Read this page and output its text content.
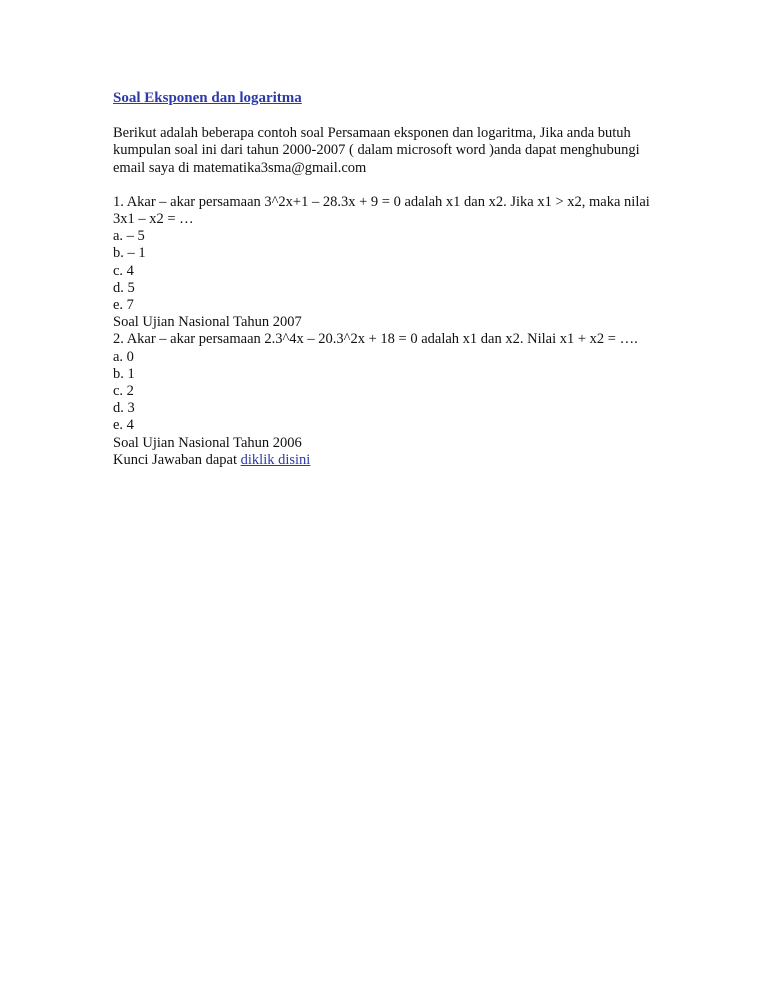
Soal Eksponen dan logaritma

Berikut adalah beberapa contoh soal Persamaan eksponen dan logaritma, Jika anda butuh kumpulan soal ini dari tahun 2000-2007 ( dalam microsoft word )anda dapat menghubungi email saya di matematika3sma@gmail.com

1. Akar – akar persamaan 3^2x+1 – 28.3x + 9 = 0 adalah x1 dan x2. Jika x1 > x2, maka nilai 3x1 – x2 = …
a. – 5
b. – 1
c. 4
d. 5
e. 7
Soal Ujian Nasional Tahun 2007
2. Akar – akar persamaan 2.3^4x – 20.3^2x + 18 = 0 adalah x1 dan x2. Nilai x1 + x2 = ….
a. 0
b. 1
c. 2
d. 3
e. 4
Soal Ujian Nasional Tahun 2006
Kunci Jawaban dapat diklik disini
